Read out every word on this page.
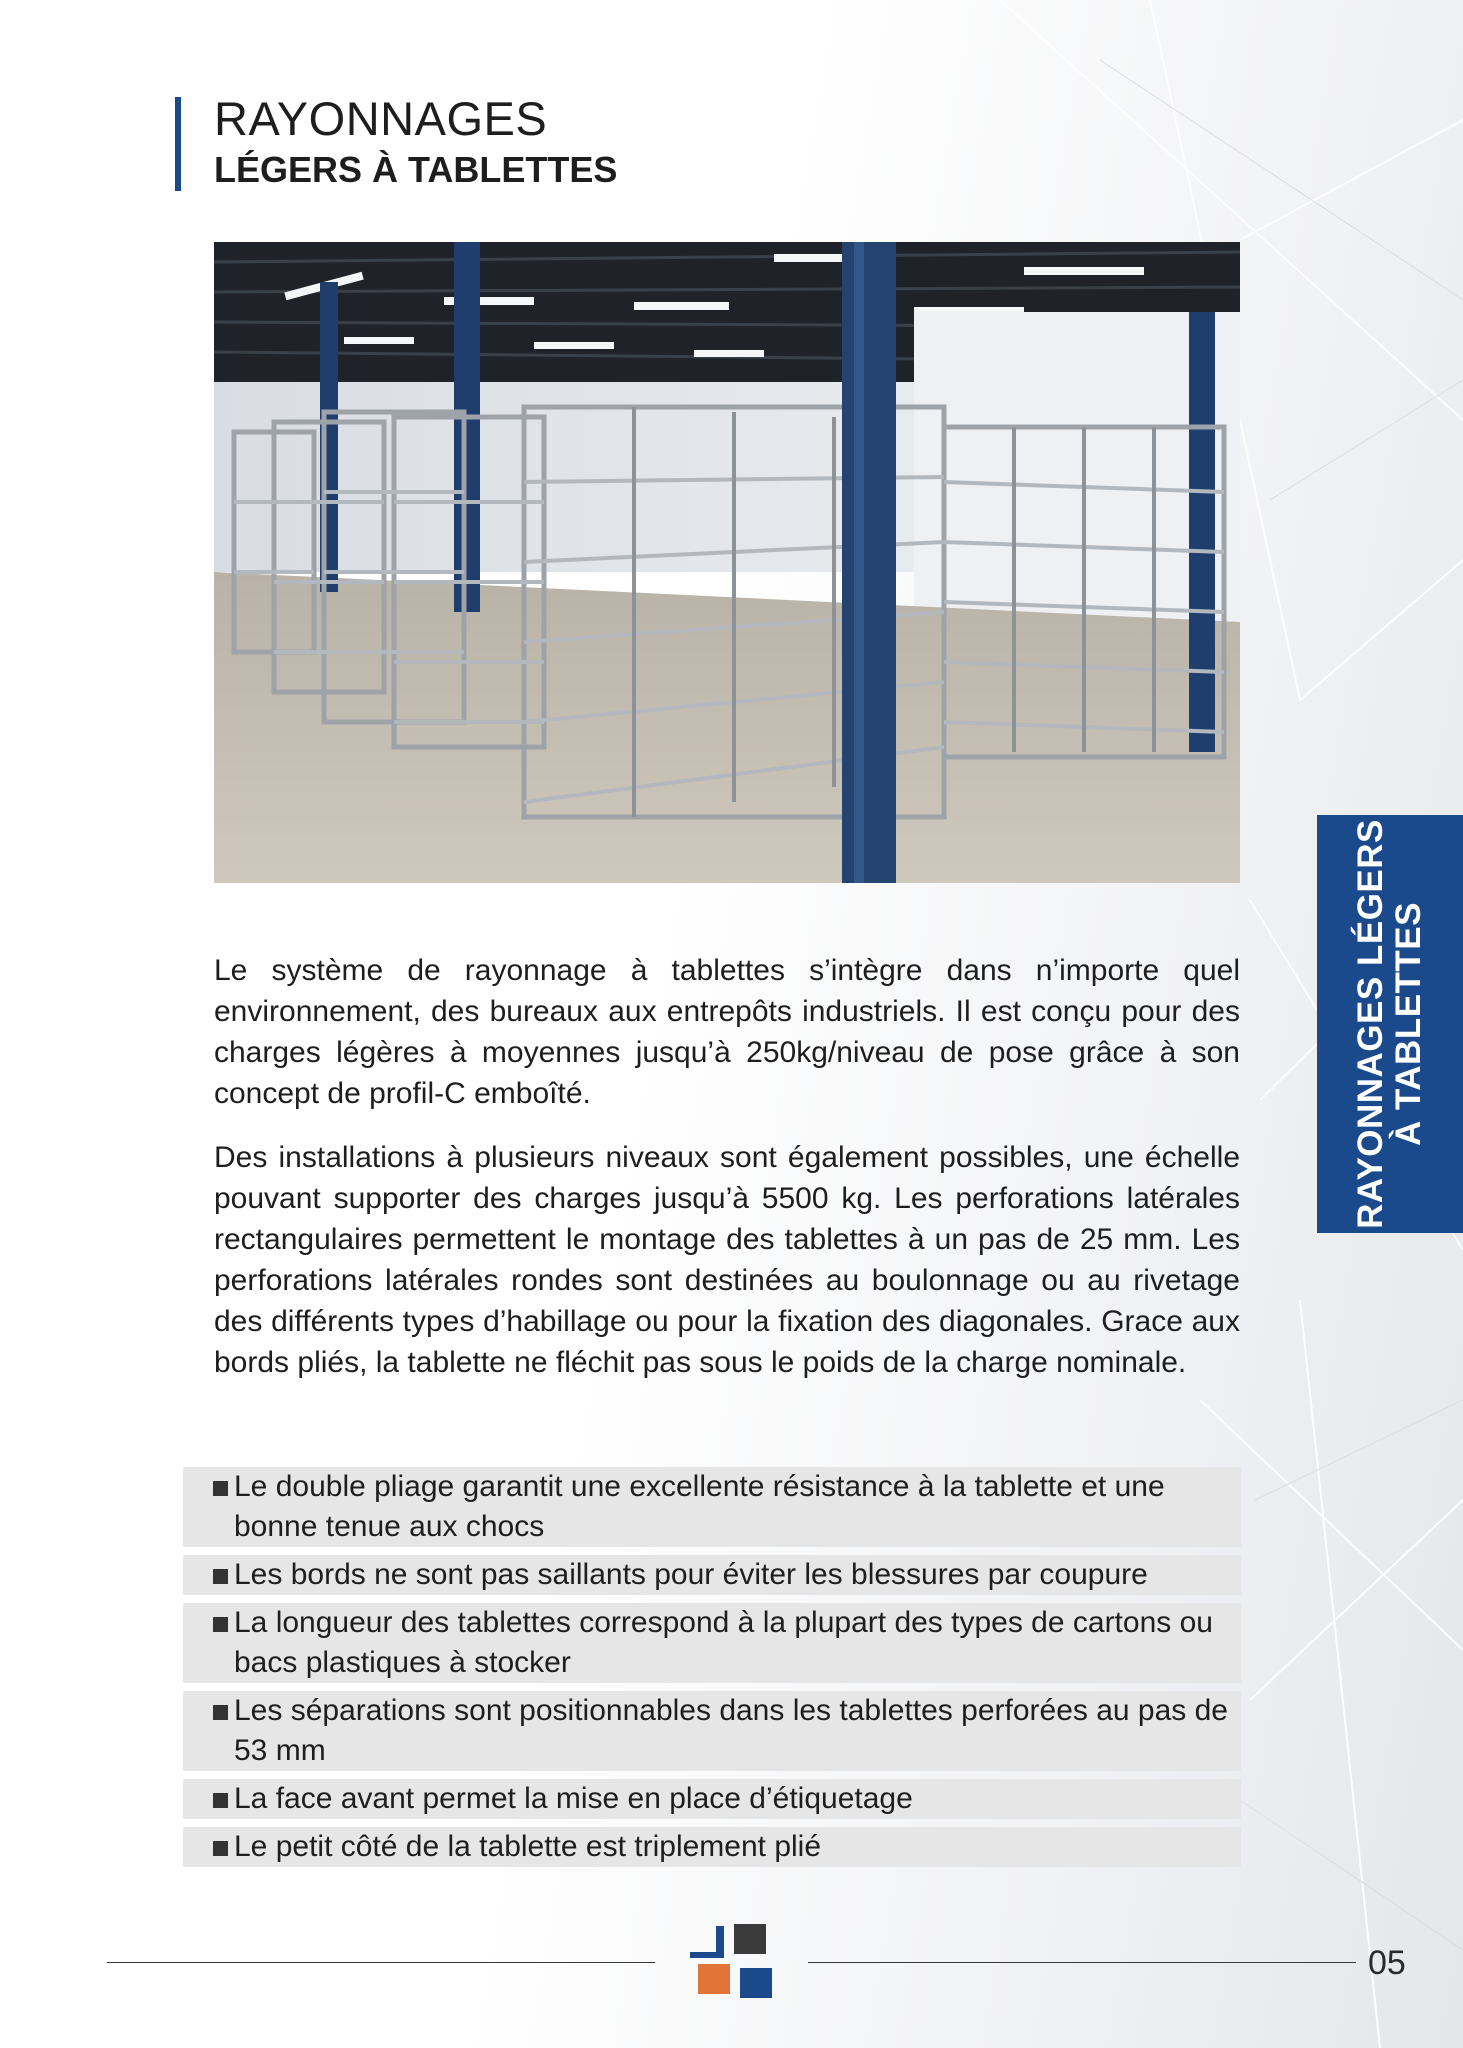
RAYONNAGES
LÉGERS À TABLETTES
RAYONNAGES LÉGERS À TABLETTES
Le système de rayonnage à tablettes s’intègre dans n’importe quel environnement, des bureaux aux entrepôts industriels. Il est conçu pour des charges légères à moyennes jusqu’à 250kg/niveau de pose grâce à son concept de profil-C emboîté.
Des installations à plusieurs niveaux sont également possibles, une échelle pouvant supporter des charges jusqu’à 5500 kg. Les perforations latérales rectangulaires permettent le montage des tablettes à un pas de 25 mm. Les perforations latérales rondes sont destinées au boulonnage ou au rivetage des différents types d’habillage ou pour la fixation des diagonales. Grace aux bords pliés, la tablette ne fléchit pas sous le poids de la charge nominale.
Le double pliage garantit une excellente résistance à la tablette et une bonne tenue aux chocs
Les bords ne sont pas saillants pour éviter les blessures par coupure
La longueur des tablettes correspond à la plupart des types de cartons ou bacs plastiques à stocker
Les séparations sont positionnables dans les tablettes perforées au pas de 53 mm
La face avant permet la mise en place d’étiquetage
Le petit côté de la tablette est triplement plié
05
